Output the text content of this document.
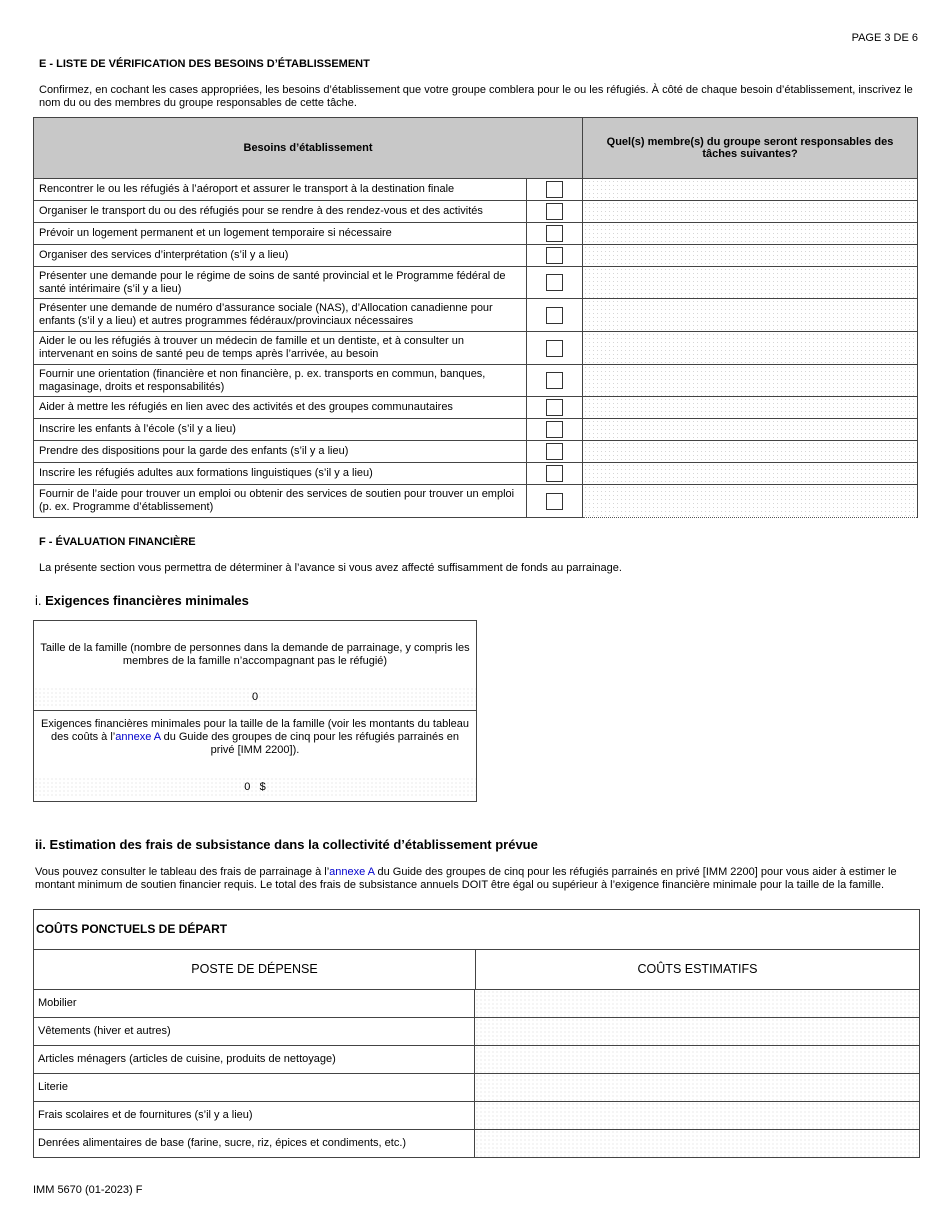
PAGE 3 DE 6
E - LISTE DE VÉRIFICATION DES BESOINS D’ÉTABLISSEMENT
Confirmez, en cochant les cases appropriées, les besoins d’établissement que votre groupe comblera pour le ou les réfugiés. À côté de chaque besoin d’établissement, inscrivez le nom du ou des membres du groupe responsables de cette tâche.
Besoins d’établissement		Quel(s) membre(s) du groupe seront responsables des tâches suivantes?
Rencontrer le ou les réfugiés à l’aéroport et assurer le transport à la destination finale		
Organiser le transport du ou des réfugiés pour se rendre à des rendez-vous et des activités		
Prévoir un logement permanent et un logement temporaire si nécessaire		
Organiser des services d’interprétation (s’il y a lieu)		
Présenter une demande pour le régime de soins de santé provincial et le Programme fédéral de santé intérimaire (s’il y a lieu)		
Présenter une demande de numéro d’assurance sociale (NAS), d’Allocation canadienne pour enfants (s’il y a lieu) et autres programmes fédéraux/provinciaux nécessaires		
Aider le ou les réfugiés à trouver un médecin de famille et un dentiste, et à consulter un intervenant en soins de santé peu de temps après l’arrivée, au besoin		
Fournir une orientation (financière et non financière, p. ex. transports en commun, banques, magasinage, droits et responsabilités)		
Aider à mettre les réfugiés en lien avec des activités et des groupes communautaires		
Inscrire les enfants à l’école (s’il y a lieu)		
Prendre des dispositions pour la garde des enfants (s’il y a lieu)		
Inscrire les réfugiés adultes aux formations linguistiques (s’il y a lieu)		
Fournir de l’aide pour trouver un emploi ou obtenir des services de soutien pour trouver un emploi (p. ex. Programme d’établissement)		
F - ÉVALUATION FINANCIÈRE
La présente section vous permettra de déterminer à l’avance si vous avez affecté suffisamment de fonds au parrainage.
i. Exigences financières minimales
Taille de la famille (nombre de personnes dans la demande de parrainage, y compris les membres de la famille n’accompagnant pas le réfugié)
0
Exigences financières minimales pour la taille de la famille (voir les montants du tableau des coûts à l’annexe A du Guide des groupes de cinq pour les réfugiés parrainés en privé [IMM 2200]).
0 $
ii. Estimation des frais de subsistance dans la collectivité d’établissement prévue
Vous pouvez consulter le tableau des frais de parrainage à l’annexe A du Guide des groupes de cinq pour les réfugiés parrainés en privé [IMM 2200] pour vous aider à estimer le montant minimum de soutien financier requis. Le total des frais de subsistance annuels DOIT être égal ou supérieur à l’exigence financière minimale pour la taille de la famille.
COÛTS PONCTUELS DE DÉPART
POSTE DE DÉPENSE	COÛTS ESTIMATIFS
Mobilier
Vêtements (hiver et autres)
Articles ménagers (articles de cuisine, produits de nettoyage)
Literie
Frais scolaires et de fournitures (s’il y a lieu)
Denrées alimentaires de base (farine, sucre, riz, épices et condiments, etc.)
IMM 5670 (01-2023) F
